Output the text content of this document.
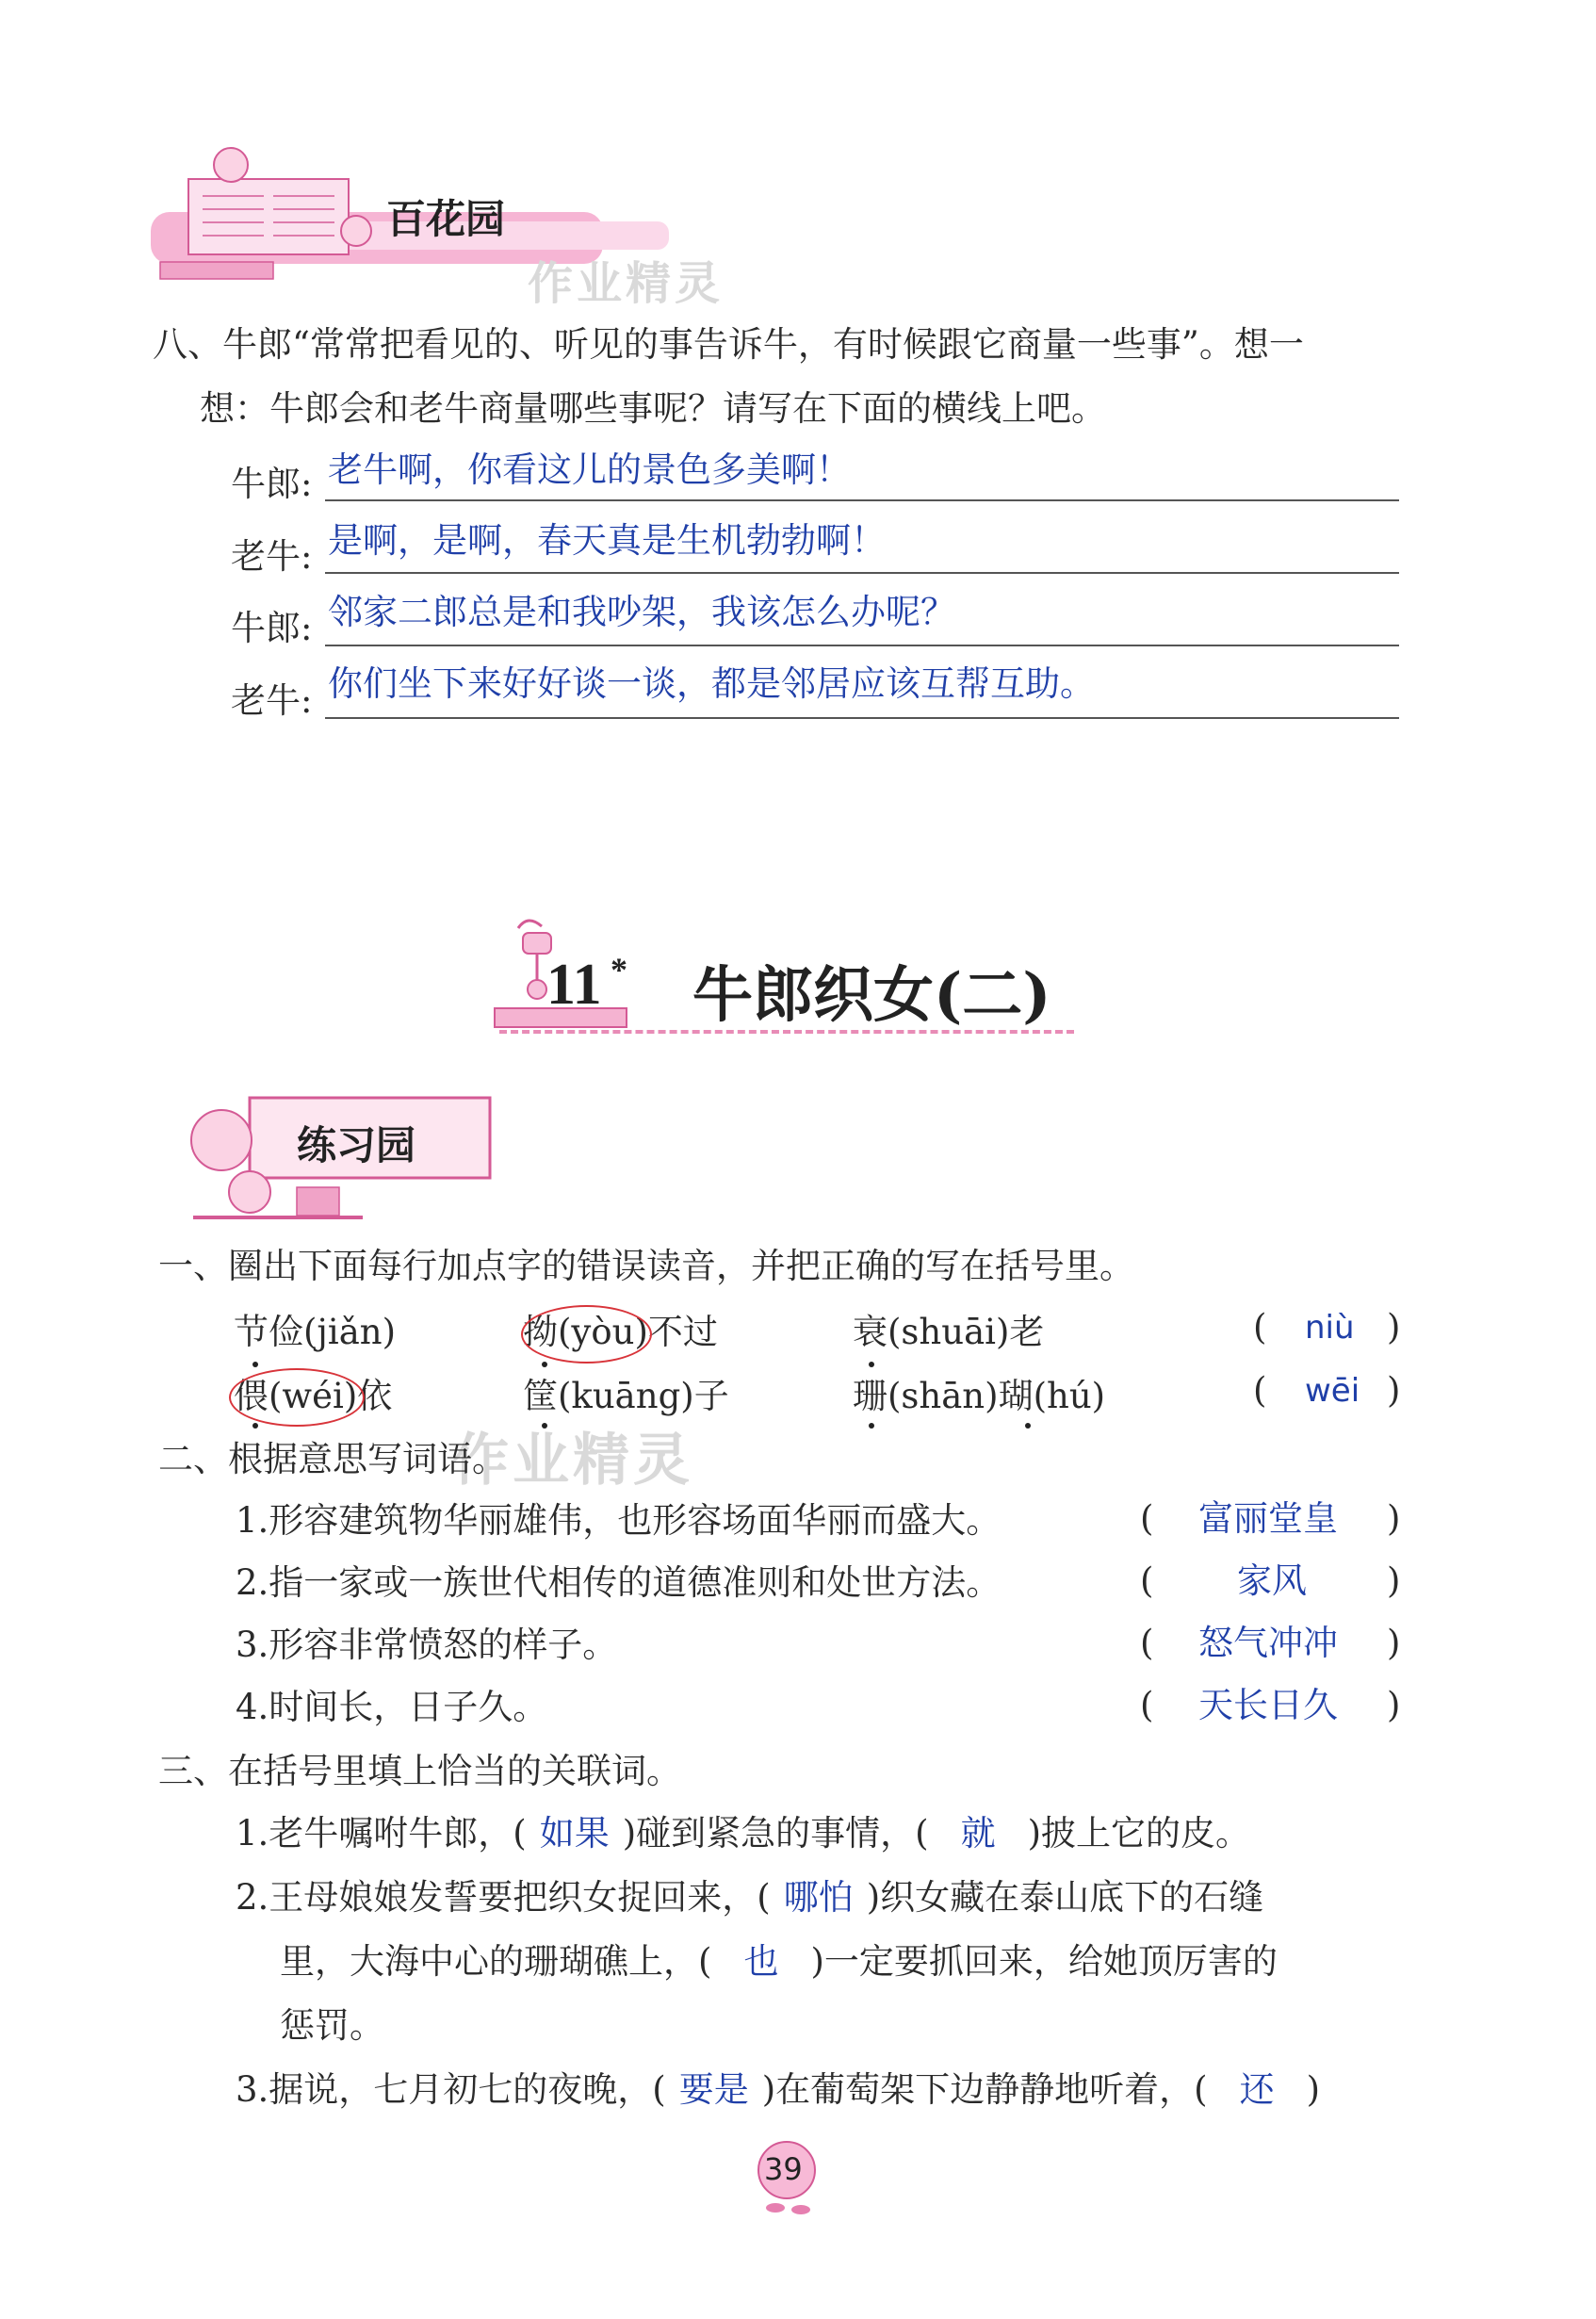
百花园
作业精灵
八、牛郎“常常把看见的、听见的事告诉牛，有时候跟它商量一些事”。想一
想：牛郎会和老牛商量哪些事呢？请写在下面的横线上吧。
牛郎: 老牛啊，你看这儿的景色多美啊！
老牛: 是啊，是啊，春天真是生机勃勃啊！
牛郎: 邻家二郎总是和我吵架，我该怎么办呢？
老牛: 你们坐下来好好谈一谈，都是邻居应该互帮互助。
11 * 牛郎织女(二)
练习园
一、圈出下面每行加点字的错误读音，并把正确的写在括号里。
节俭(jiǎn)	拗(yòu)不过	衰(shuāi)老	( niù )
偎(wéi)依	筐(kuāng)子	珊(shān)瑚(hú)	( wēi )
作业精灵
二、根据意思写词语。
1.形容建筑物华丽雄伟，也形容场面华丽而盛大。	( 富丽堂皇 )
2.指一家或一族世代相传的道德准则和处世方法。	( 家风 )
3.形容非常愤怒的样子。	( 怒气冲冲 )
4.时间长，日子久。	( 天长日久 )
三、在括号里填上恰当的关联词。
1.老牛嘱咐牛郎，( 如果 )碰到紧急的事情，( 就 )披上它的皮。
2.王母娘娘发誓要把织女捉回来，( 哪怕 )织女藏在泰山底下的石缝
里，大海中心的珊瑚礁上，( 也 )一定要抓回来，给她顶厉害的
惩罚。
3.据说，七月初七的夜晚，( 要是 )在葡萄架下边静静地听着，( 还 )
39
